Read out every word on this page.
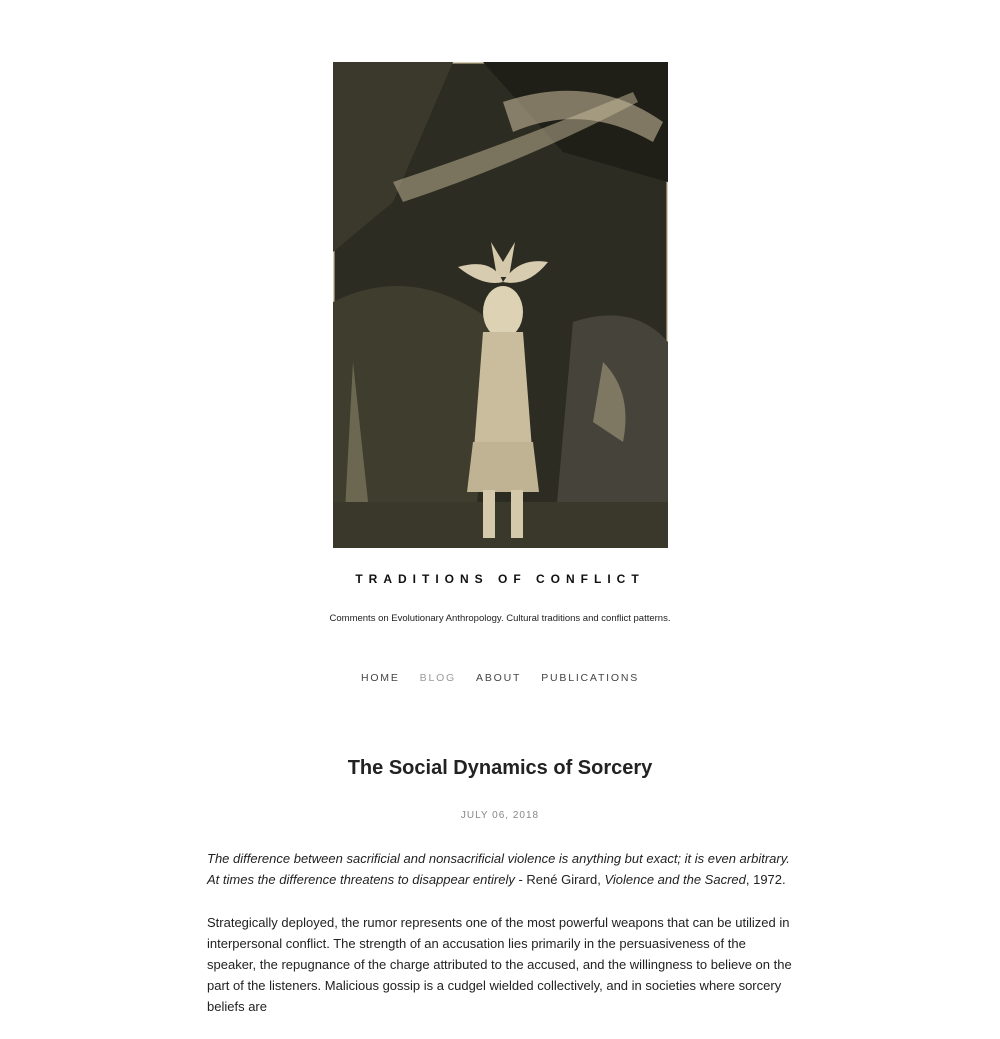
TRADITIONS OF CONFLICT
Comments on Evolutionary Anthropology. Cultural traditions and conflict patterns.
HOME BLOG ABOUT PUBLICATIONS
The Social Dynamics of Sorcery
JULY 06, 2018

The difference between sacrificial and nonsacrificial violence is anything but exact; it is even arbitrary. At times the difference threatens to disappear entirely - René Girard, Violence and the Sacred, 1972.

Strategically deployed, the rumor represents one of the most powerful weapons that can be utilized in interpersonal conflict. The strength of an accusation lies primarily in the persuasiveness of the speaker, the repugnance of the charge attributed to the accused, and the willingness to believe on the part of the listeners. Malicious gossip is a cudgel wielded collectively, and in societies where sorcery beliefs are
